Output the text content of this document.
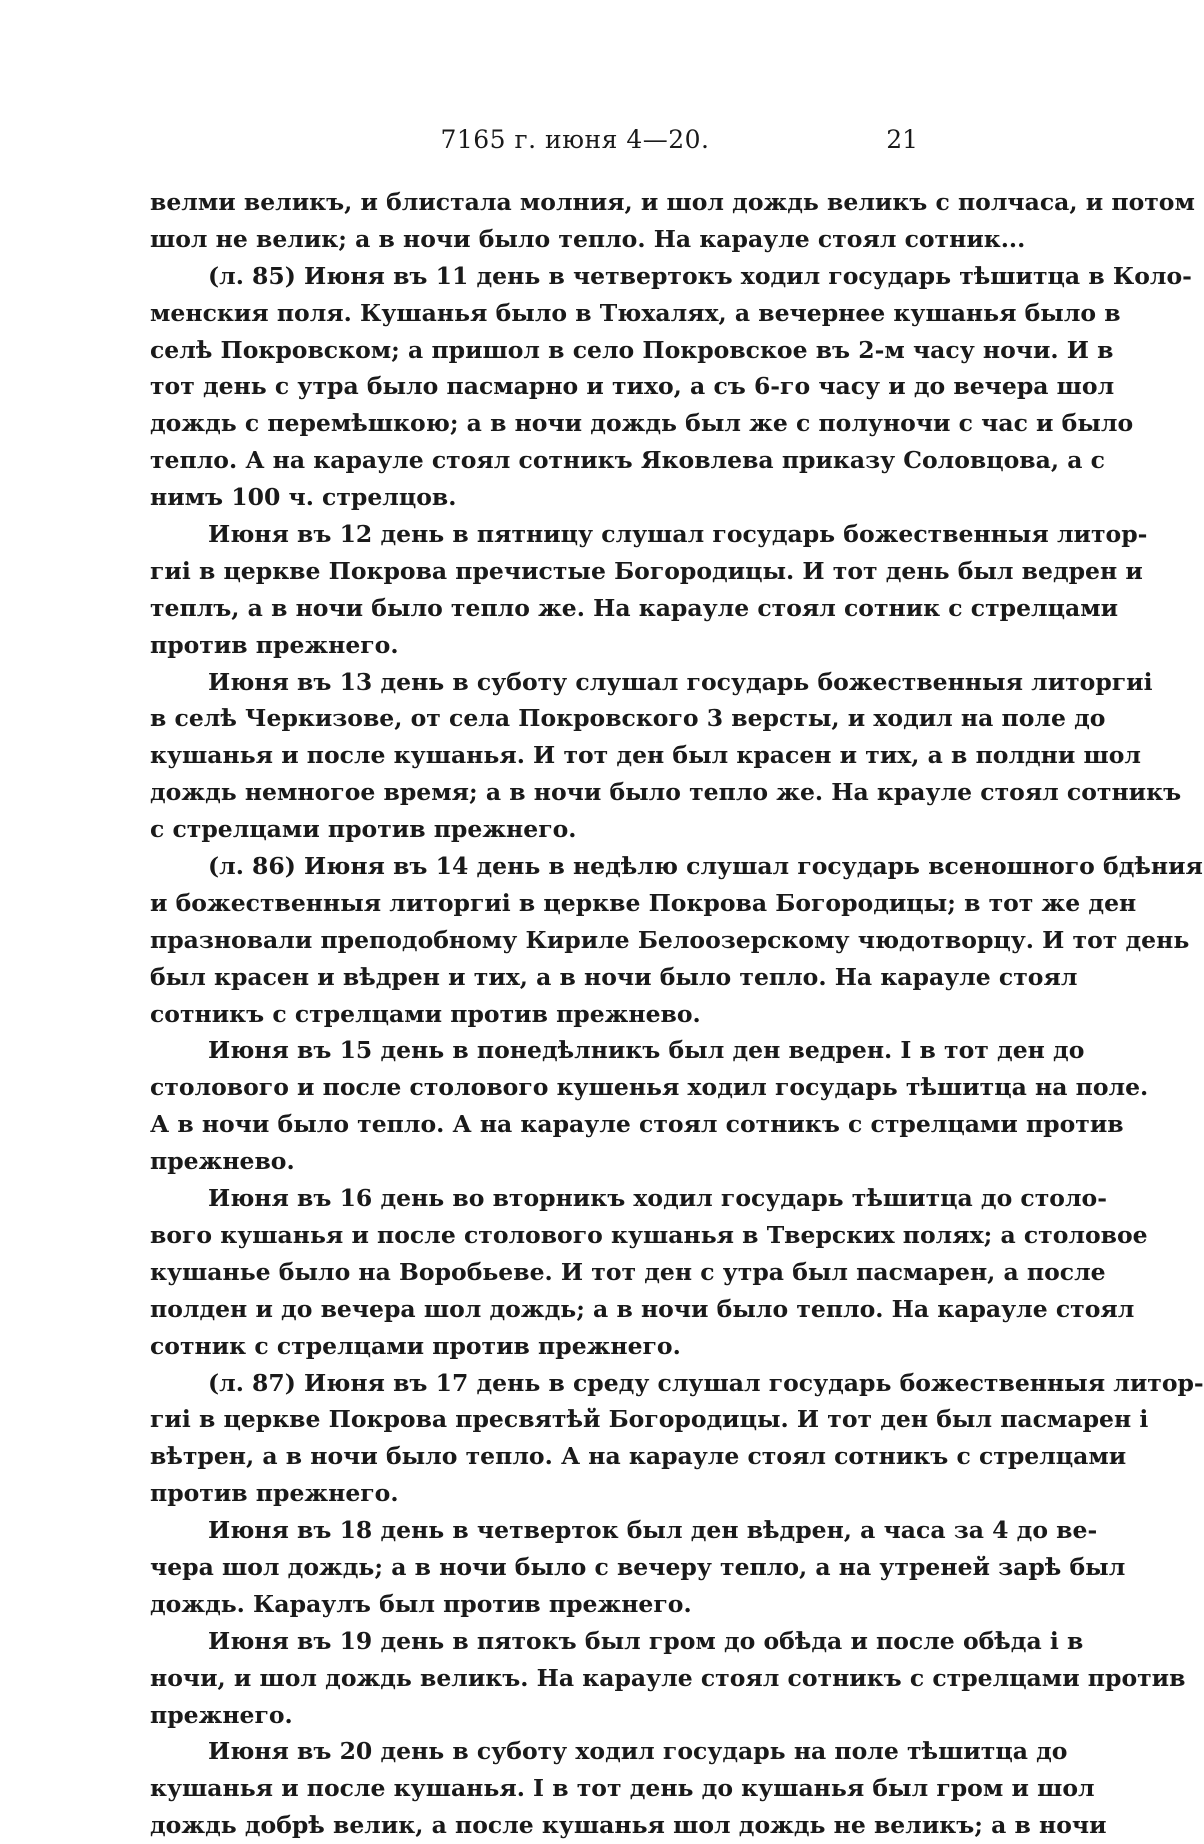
7165 г. июня 4—20.	21
велми великъ, и блистала молния, и шол дождь великъ с полчаса, и потом
шол не велик; а в ночи было тепло. На карауле стоял сотник...
(л. 85) Июня въ 11 день в четвертокъ ходил государь тѣшитца в Коло-
менския поля. Кушанья было в Тюхалях, а вечернее кушанья было в
селѣ Покровском; а пришол в село Покровское въ 2-м часу ночи. И в
тот день с утра было пасмарно и тихо, а съ 6-го часу и до вечера шол
дождь с перемѣшкою; а в ночи дождь был же с полуночи с час и было
тепло. А на карауле стоял сотникъ Яковлева приказу Соловцова, а с
нимъ 100 ч. стрелцов.
Июня въ 12 день в пятницу слушал государь божественныя литор-
гиі в церкве Покрова пречистые Богородицы. И тот день был ведрен и
теплъ, а в ночи было тепло же. На карауле стоял сотник с стрелцами
против прежнего.
Июня въ 13 день в суботу слушал государь божественныя литоргиі
в селѣ Черкизове, от села Покровского 3 версты, и ходил на поле до
кушанья и после кушанья. И тот ден был красен и тих, а в полдни шол
дождь немногое время; а в ночи было тепло же. На крауле стоял сотникъ
с стрелцами против прежнего.
(л. 86) Июня въ 14 день в недѣлю слушал государь всеношного бдѣния
и божественныя литоргиі в церкве Покрова Богородицы; в тот же ден
празновали преподобному Кириле Белоозерскому чюдотворцу. И тот день
был красен и вѣдрен и тих, а в ночи было тепло. На карауле стоял
сотникъ с стрелцами против прежнево.
Июня въ 15 день в понедѣлникъ был ден ведрен. І в тот ден до
столового и после столового кушенья ходил государь тѣшитца на поле.
А в ночи было тепло. А на карауле стоял сотникъ с стрелцами против
прежнево.
Июня въ 16 день во вторникъ ходил государь тѣшитца до столо-
вого кушанья и после столового кушанья в Тверских полях; а столовое
кушанье было на Воробьеве. И тот ден с утра был пасмарен, а после
полден и до вечера шол дождь; а в ночи было тепло. На карауле стоял
сотник с стрелцами против прежнего.
(л. 87) Июня въ 17 день в среду слушал государь божественныя литор-
гиі в церкве Покрова пресвятѣй Богородицы. И тот ден был пасмарен і
вѣтрен, а в ночи было тепло. А на карауле стоял сотникъ с стрелцами
против прежнего.
Июня въ 18 день в четверток был ден вѣдрен, а часа за 4 до ве-
чера шол дождь; а в ночи было с вечеру тепло, а на утреней зарѣ был
дождь. Караулъ был против прежнего.
Июня въ 19 день в пятокъ был гром до обѣда и после обѣда і в
ночи, и шол дождь великъ. На карауле стоял сотникъ с стрелцами против
прежнего.
Июня въ 20 день в суботу ходил государь на поле тѣшитца до
кушанья и после кушанья. І в тот день до кушанья был гром и шол
дождь добрѣ велик, а после кушанья шол дождь не великъ; а в ночи
